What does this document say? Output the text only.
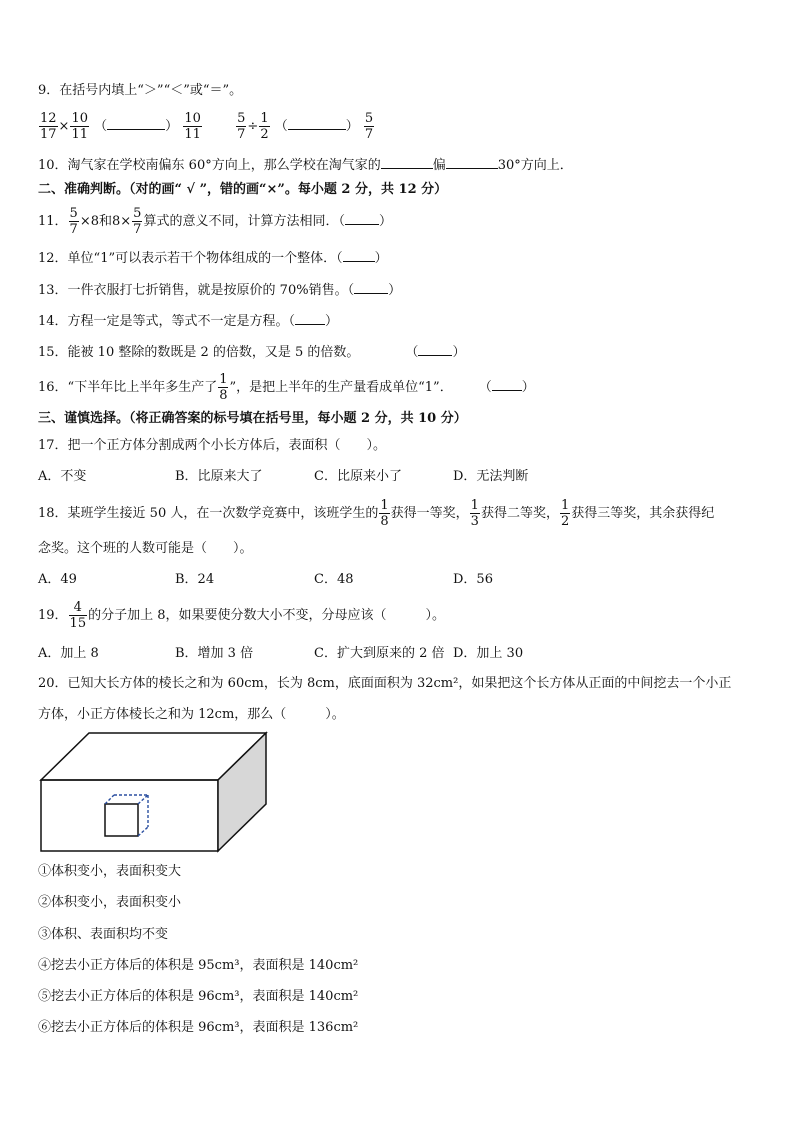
9．在括号内填上“＞”“＜”或“＝”。
$\frac{12}{17} \times \frac{10}{11}$ （	） $\frac{10}{11}$
	$\frac{5}{7} \div \frac{1}{2}$ （	） $\frac{5}{7}$
10．淘气家在学校南偏东 60°方向上，那么学校在淘气家的	偏	30°方向上．
二、准确判断。（对的画“ √ ”，错的画“×”。每小题 2 分，共 12 分）
11． $\frac{5}{7} \times 8$和$8\times \frac{5}{7}$ 算式的意义不同，计算方法相同．（	）
12．单位“1”可以表示若干个物体组成的一个整体．（ ）
13．一件衣服打七折销售，就是按原价的 70%销售。（	）
14．方程一定是等式，等式不一定是方程。（ ）
15．能被 10 整除的数既是 2 的倍数，又是 5 的倍数。	（	）
16．“下半年比上半年多生产了 $\frac{1}{8}$ ”，是把上半年的生产量看成单位“1”． （ ）
三、谨慎选择。（将正确答案的标号填在括号里，每小题 2 分，共 10 分）
17．把一个正方体分割成两个小长方体后，表面积（　　）。
A．不变	B．比原来大了	C．比原来小了	D．无法判断
18．某班学生接近 50 人，在一次数学竞赛中，该班学生的 $\frac{1}{8}$ 获得一等奖， $\frac{1}{3}$ 获得二等奖， $\frac{1}{2}$ 获得三等奖，其余获得纪
念奖。这个班的人数可能是（　　）。
A．49	B．24	C．48	D．56
19． $\frac{4}{15}$ 的分子加上 8，如果要使分数大小不变，分母应该（　　　）。
A．加上 8	B．增加 3 倍	C．扩大到原来的 2 倍 D．加上 30
20．已知大长方体的棱长之和为 60cm，长为 8cm，底面面积为 32cm²，如果把这个长方体从正面的中间挖去一个小正
方体，小正方体棱长之和为 12cm，那么（　　　）。
①体积变小，表面积变大
②体积变小，表面积变小
③体积、表面积均不变
④挖去小正方体后的体积是 95cm³，表面积是 140cm²
⑤挖去小正方体后的体积是 96cm³，表面积是 140cm²
⑥挖去小正方体后的体积是 96cm³，表面积是 136cm²
